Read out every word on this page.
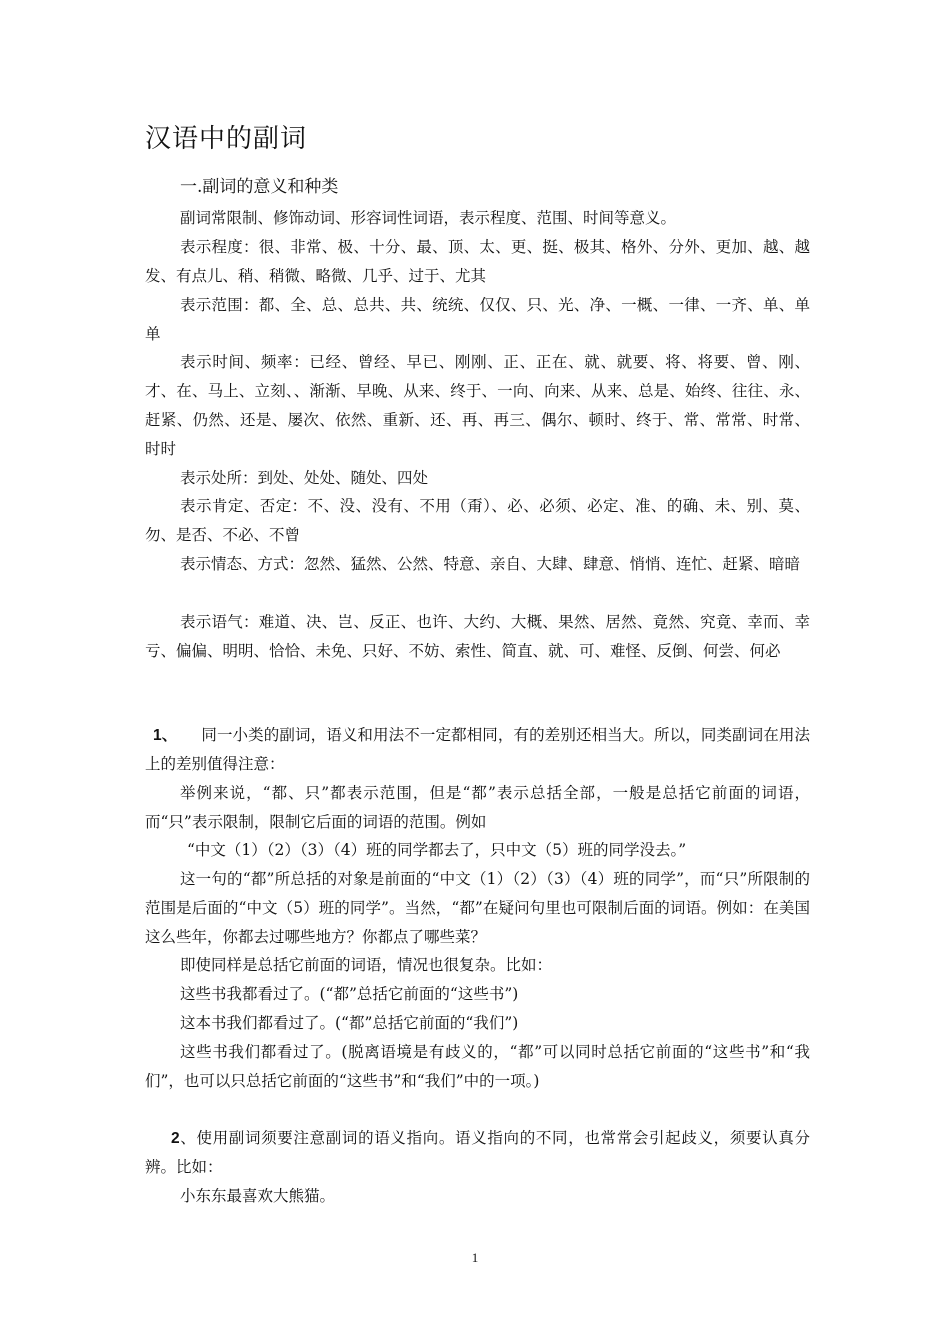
汉语中的副词
一.副词的意义和种类
副词常限制、修饰动词、形容词性词语，表示程度、范围、时间等意义。
表示程度：很、非常、极、十分、最、顶、太、更、挺、极其、格外、分外、更加、越、越发、有点儿、稍、稍微、略微、几乎、过于、尤其
表示范围：都、全、总、总共、共、统统、仅仅、只、光、净、一概、一律、一齐、单、单单
表示时间、频率：已经、曾经、早已、刚刚、正、正在、就、就要、将、将要、曾、刚、才、在、马上、立刻、、渐渐、早晚、从来、终于、一向、向来、从来、总是、始终、往往、永、赶紧、仍然、还是、屡次、依然、重新、还、再、再三、偶尔、顿时、终于、常、常常、时常、时时
表示处所：到处、处处、随处、四处
表示肯定、否定：不、没、没有、不用（甭）、必、必须、必定、准、的确、未、别、莫、勿、是否、不必、不曾
表示情态、方式：忽然、猛然、公然、特意、亲自、大肆、肆意、悄悄、连忙、赶紧、暗暗
表示语气：难道、决、岂、反正、也许、大约、大概、果然、居然、竟然、究竟、幸而、幸亏、偏偏、明明、恰恰、未免、只好、不妨、索性、简直、就、可、难怪、反倒、何尝、何必
1、 同一小类的副词，语义和用法不一定都相同，有的差别还相当大。所以，同类副词在用法上的差别值得注意：
举例来说，“都、只”都表示范围，但是“都”表示总括全部，一般是总括它前面的词语，而“只”表示限制，限制它后面的词语的范围。例如
“中文（1）（2）（3）（4）班的同学都去了，只中文（5）班的同学没去。”
这一句的“都”所总括的对象是前面的“中文（1）（2）（3）（4）班的同学”，而“只”所限制的范围是后面的“中文（5）班的同学”。当然，“都”在疑问句里也可限制后面的词语。例如：在美国这么些年，你都去过哪些地方？你都点了哪些菜？
即使同样是总括它前面的词语，情况也很复杂。比如：
这些书我都看过了。(“都”总括它前面的“这些书”)
这本书我们都看过了。(“都”总括它前面的“我们”)
这些书我们都看过了。(脱离语境是有歧义的，“都”可以同时总括它前面的“这些书”和“我们”，也可以只总括它前面的“这些书”和“我们”中的一项。)
2、使用副词须要注意副词的语义指向。语义指向的不同，也常常会引起歧义，须要认真分辨。比如：
小东东最喜欢大熊猫。
1
